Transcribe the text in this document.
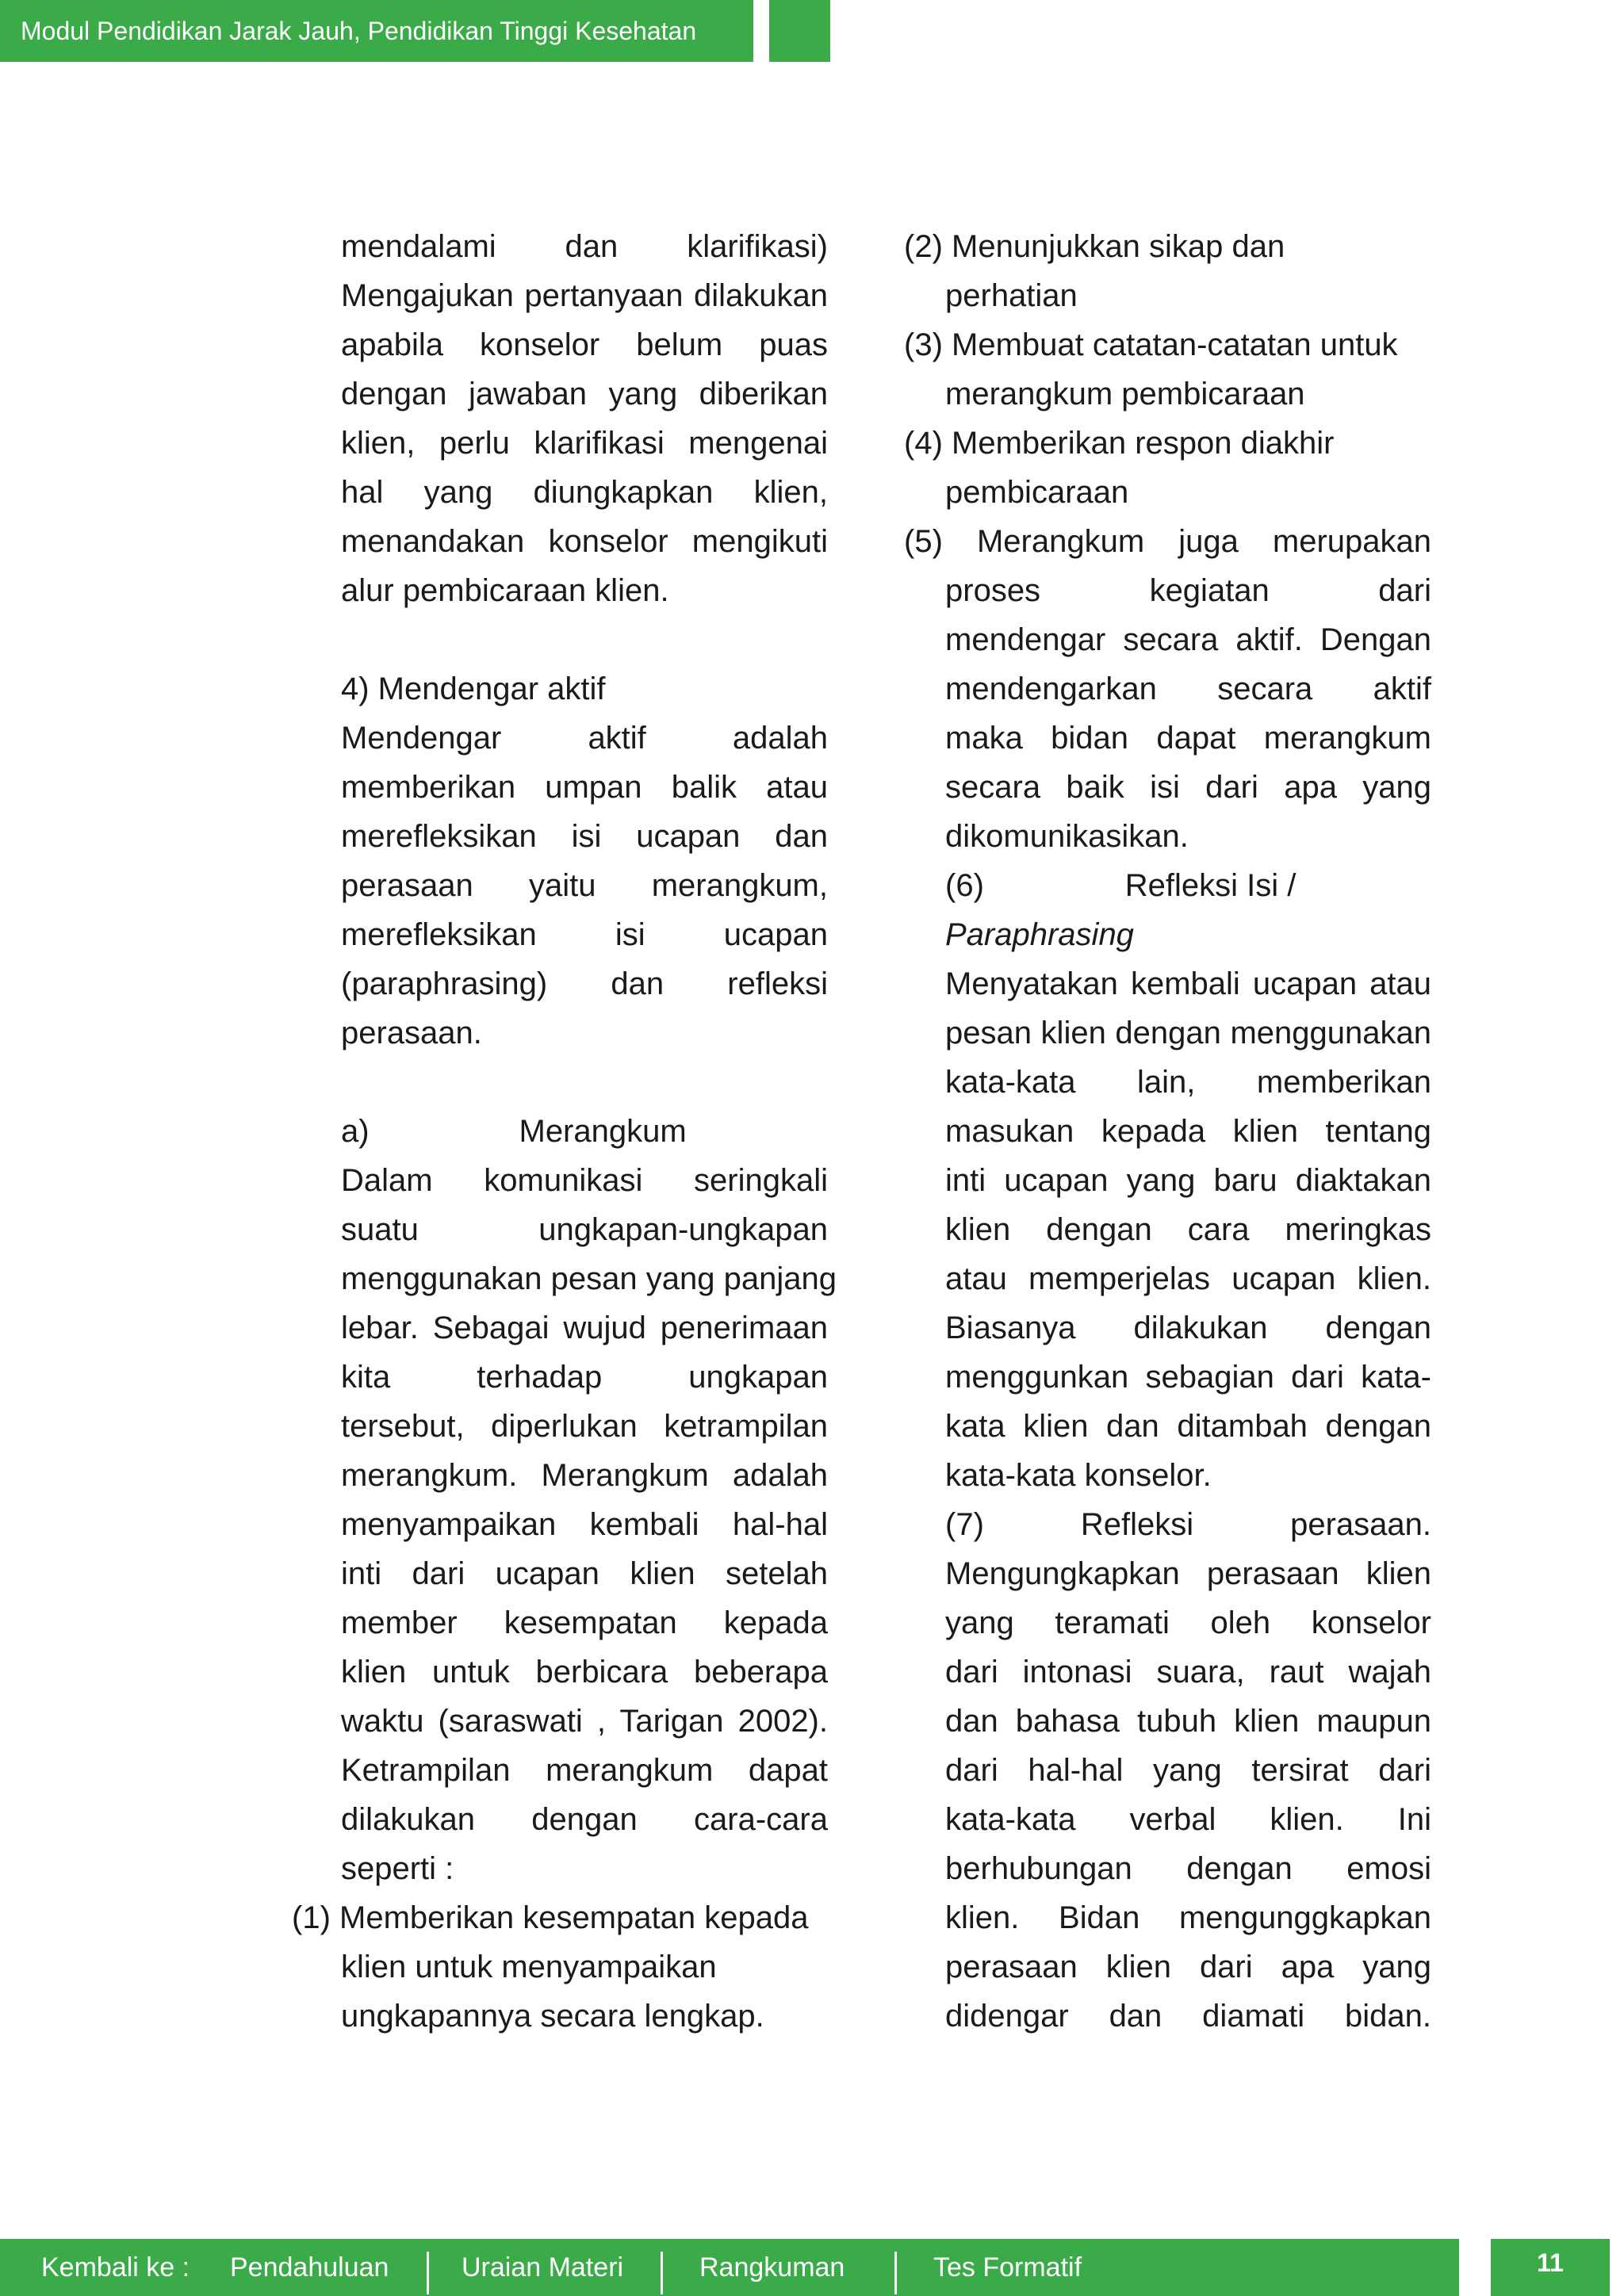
Modul Pendidikan Jarak Jauh, Pendidikan Tinggi Kesehatan
mendalami dan klarifikasi)
Mengajukan pertanyaan dilakukan
apabila konselor belum puas
dengan jawaban yang diberikan
klien, perlu klarifikasi mengenai
hal yang diungkapkan klien,
menandakan konselor mengikuti
alur pembicaraan klien.
4) Mendengar aktif
Mendengar aktif adalah
memberikan umpan balik atau
merefleksikan isi ucapan dan
perasaan yaitu merangkum,
merefleksikan isi ucapan
(paraphrasing) dan refleksi
perasaan.
a)                 Merangkum
Dalam komunikasi seringkali
suatu ungkapan-ungkapan
menggunakan pesan yang panjang
lebar. Sebagai wujud penerimaan
kita terhadap ungkapan
tersebut, diperlukan ketrampilan
merangkum. Merangkum adalah
menyampaikan kembali hal-hal
inti dari ucapan klien setelah
member kesempatan kepada
klien untuk berbicara beberapa
waktu (saraswati , Tarigan 2002).
Ketrampilan merangkum dapat
dilakukan dengan cara-cara
seperti :
(1) Memberikan kesempatan kepada
klien untuk menyampaikan
ungkapannya secara lengkap.
(2) Menunjukkan sikap dan
perhatian
(3) Membuat catatan-catatan untuk
merangkum pembicaraan
(4) Memberikan respon diakhir
pembicaraan
(5) Merangkum juga merupakan
proses kegiatan dari
mendengar secara aktif. Dengan
mendengarkan secara aktif
maka bidan dapat merangkum
secara baik isi dari apa yang
dikomunikasikan.
(6)                Refleksi Isi /
Paraphrasing
Menyatakan kembali ucapan atau
pesan klien dengan menggunakan
kata-kata lain, memberikan
masukan kepada klien tentang
inti ucapan yang baru diaktakan
klien dengan cara meringkas
atau memperjelas ucapan klien.
Biasanya dilakukan dengan
menggunkan sebagian dari kata-
kata klien dan ditambah dengan
kata-kata konselor.
(7) Refleksi perasaan.
Mengungkapkan perasaan klien
yang teramati oleh konselor
dari intonasi suara, raut wajah
dan bahasa tubuh klien maupun
dari hal-hal yang tersirat dari
kata-kata verbal klien. Ini
berhubungan dengan emosi
klien. Bidan mengunggkapkan
perasaan klien dari apa yang
didengar dan diamati bidan.
Kembali ke : Pendahuluan	Uraian Materi	Rangkuman	Tes Formatif	11
